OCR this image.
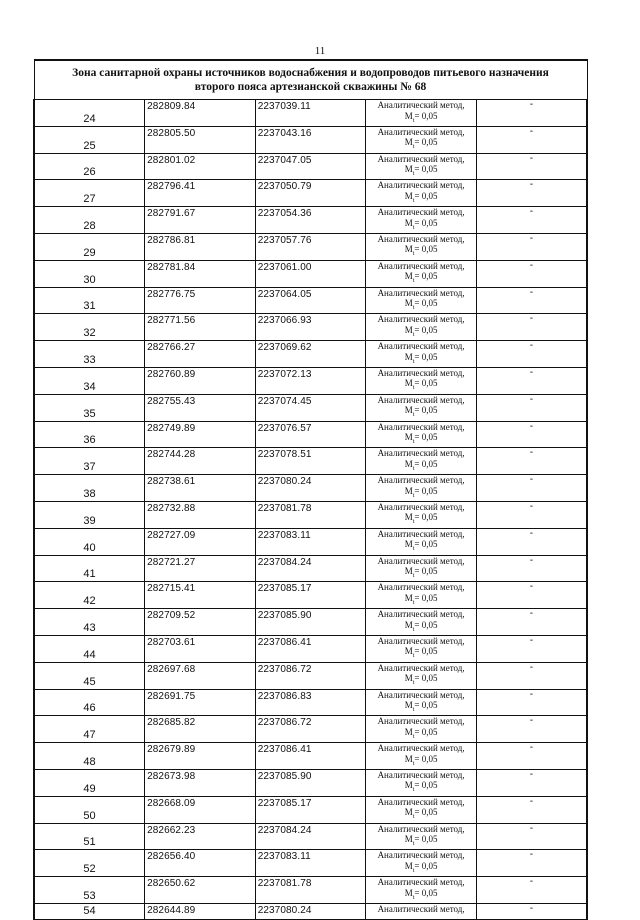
11
Зона санитарной охраны источников водоснабжения и водопроводов питьевого назначения
второго пояса артезианской скважины № 68				
24	282809.84	2237039.11	Аналитический метод,
$M_t= 0,05$	-
25	282805.50	2237043.16	Аналитический метод,
$M_t= 0,05$	-
26	282801.02	2237047.05	Аналитический метод,
$M_t= 0,05$	-
27	282796.41	2237050.79	Аналитический метод,
$M_t= 0,05$	-
28	282791.67	2237054.36	Аналитический метод,
$M_t= 0,05$	-
29	282786.81	2237057.76	Аналитический метод,
$M_t= 0,05$	-
30	282781.84	2237061.00	Аналитический метод,
$M_t= 0,05$	-
31	282776.75	2237064.05	Аналитический метод,
$M_t= 0,05$	-
32	282771.56	2237066.93	Аналитический метод,
$M_t= 0,05$	-
33	282766.27	2237069.62	Аналитический метод,
$M_t= 0,05$	-
34	282760.89	2237072.13	Аналитический метод,
$M_t= 0,05$	-
35	282755.43	2237074.45	Аналитический метод,
$M_t= 0,05$	-
36	282749.89	2237076.57	Аналитический метод,
$M_t= 0,05$	-
37	282744.28	2237078.51	Аналитический метод,
$M_t= 0,05$	-
38	282738.61	2237080.24	Аналитический метод,
$M_t= 0,05$	-
39	282732.88	2237081.78	Аналитический метод,
$M_t= 0,05$	-
40	282727.09	2237083.11	Аналитический метод,
$M_t= 0,05$	-
41	282721.27	2237084.24	Аналитический метод,
$M_t= 0,05$	-
42	282715.41	2237085.17	Аналитический метод,
$M_t= 0,05$	-
43	282709.52	2237085.90	Аналитический метод,
$M_t= 0,05$	-
44	282703.61	2237086.41	Аналитический метод,
$M_t= 0,05$	-
45	282697.68	2237086.72	Аналитический метод,
$M_t= 0,05$	-
46	282691.75	2237086.83	Аналитический метод,
$M_t= 0,05$	-
47	282685.82	2237086.72	Аналитический метод,
$M_t= 0,05$	-
48	282679.89	2237086.41	Аналитический метод,
$M_t= 0,05$	-
49	282673.98	2237085.90	Аналитический метод,
$M_t= 0,05$	-
50	282668.09	2237085.17	Аналитический метод,
$M_t= 0,05$	-
51	282662.23	2237084.24	Аналитический метод,
$M_t= 0,05$	-
52	282656.40	2237083.11	Аналитический метод,
$M_t= 0,05$	-
53	282650.62	2237081.78	Аналитический метод,
$M_t= 0,05$	-
54	282644.89	2237080.24	Аналитический метод,	-
